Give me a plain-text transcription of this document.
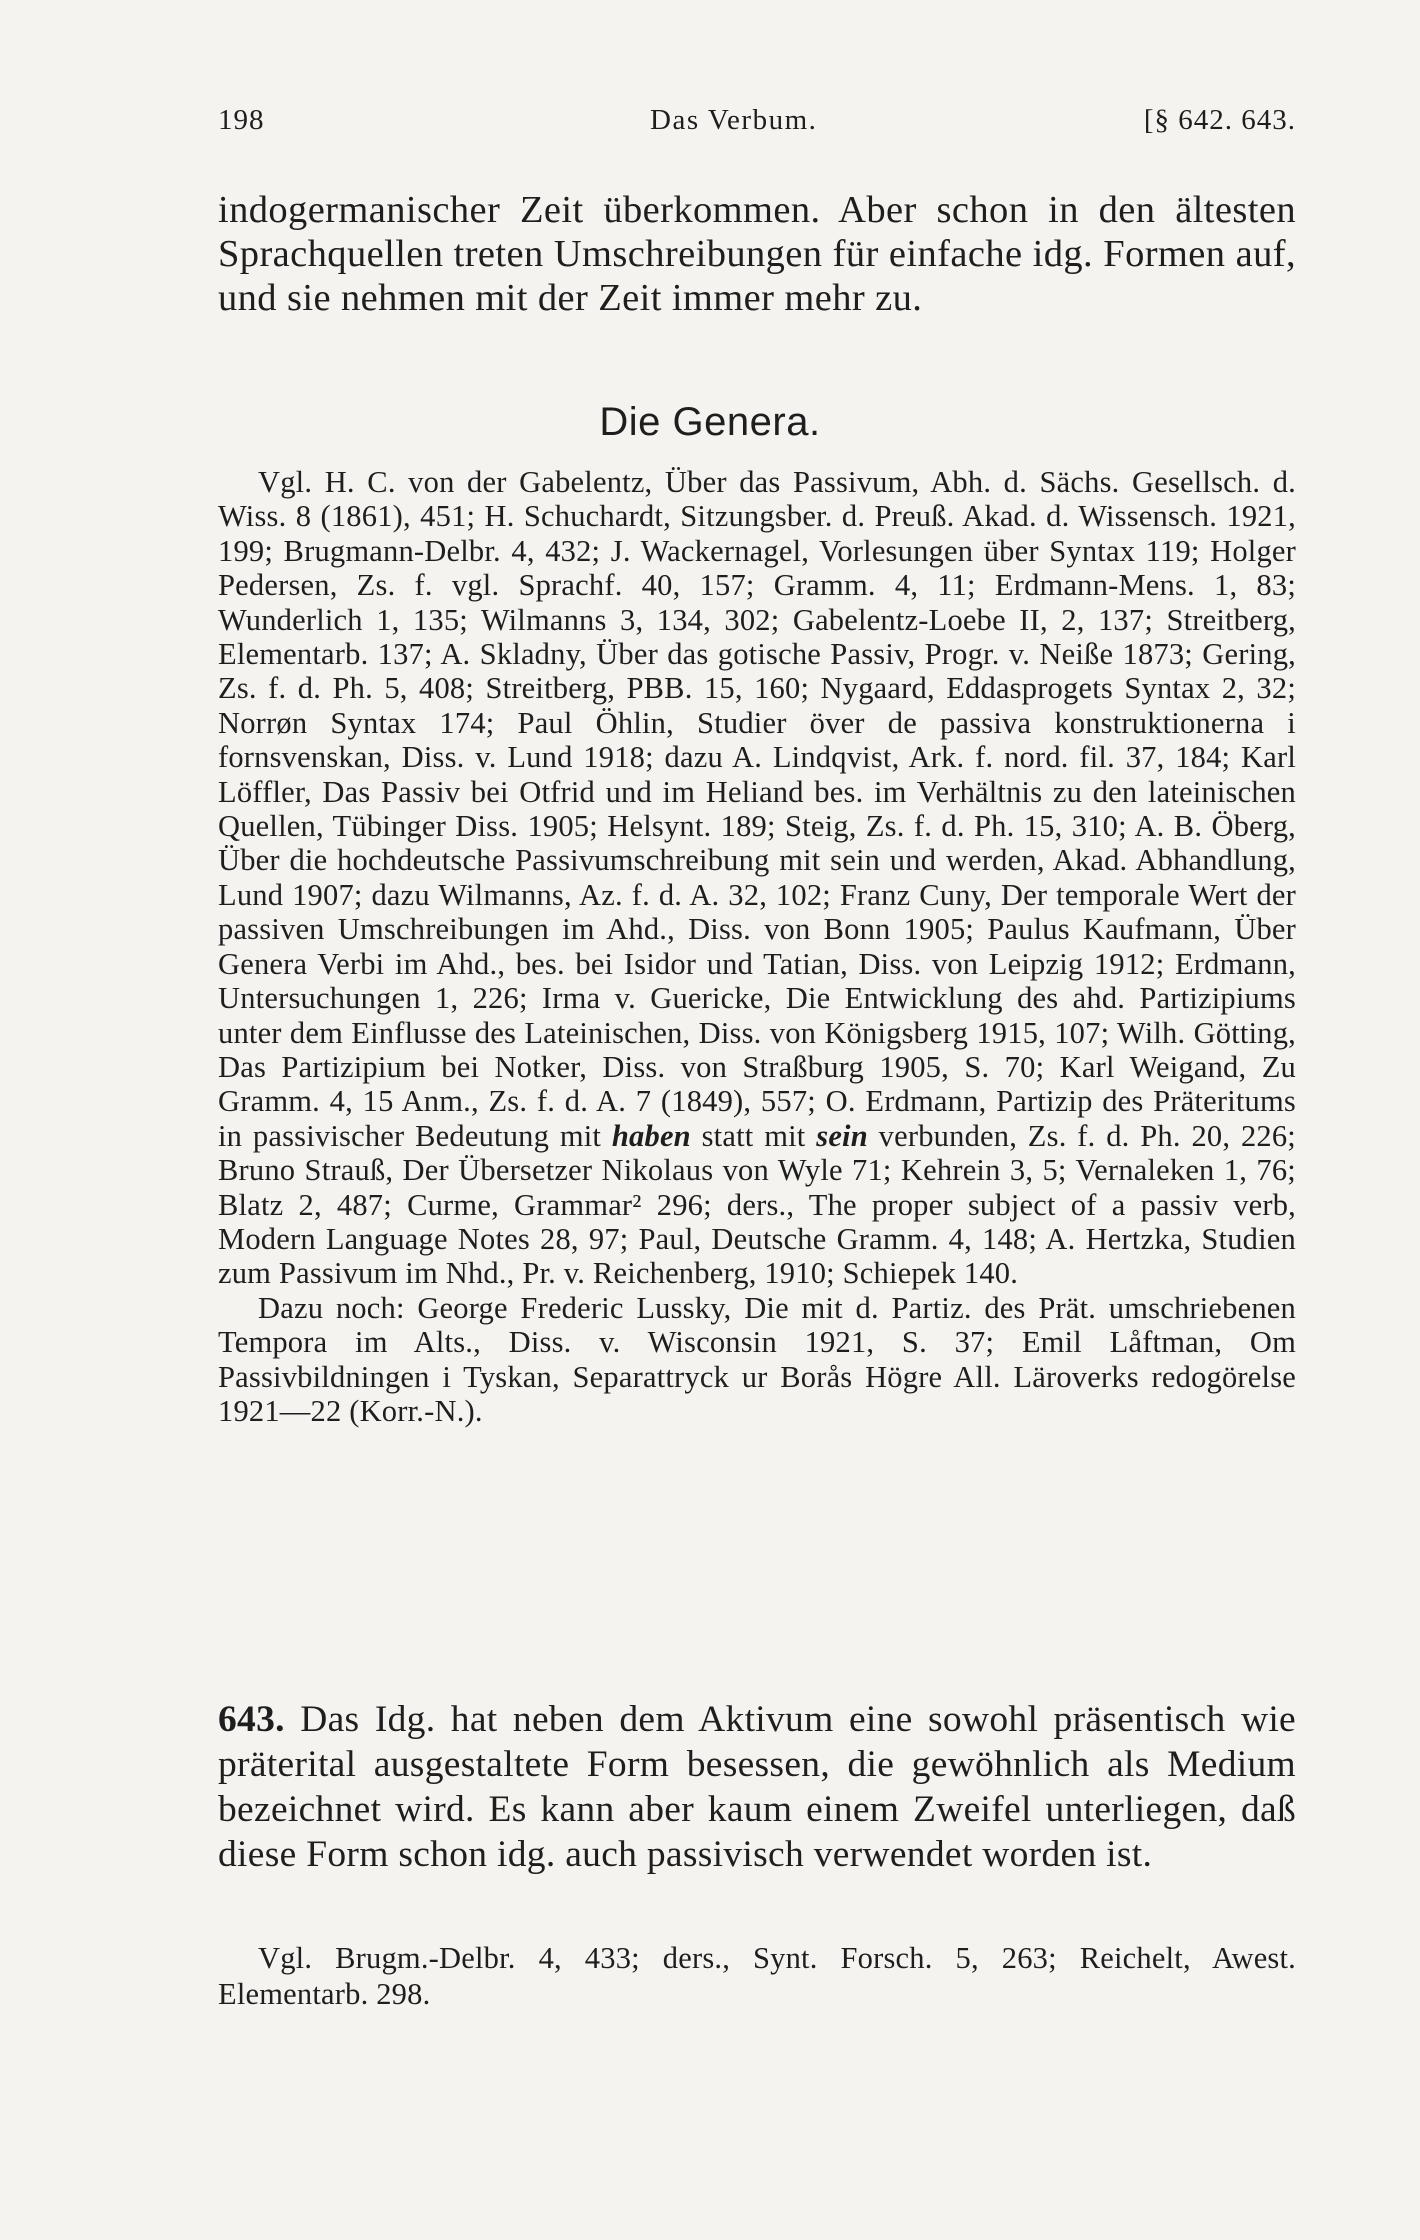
198	Das Verbum.	[§ 642. 643.
indogermanischer Zeit überkommen. Aber schon in den ältesten Sprachquellen treten Umschreibungen für einfache idg. Formen auf, und sie nehmen mit der Zeit immer mehr zu.
Die Genera.

Vgl. H. C. von der Gabelentz, Über das Passivum, Abh. d. Sächs. Gesellsch. d. Wiss. 8 (1861), 451; H. Schuchardt, Sitzungsber. d. Preuß. Akad. d. Wissensch. 1921, 199; Brugmann-Delbr. 4, 432; J. Wackernagel, Vorlesungen über Syntax 119; Holger Pedersen, Zs. f. vgl. Sprachf. 40, 157; Gramm. 4, 11; Erdmann-Mens. 1, 83; Wunderlich 1, 135; Wilmanns 3, 134, 302; Gabelentz-Loebe II, 2, 137; Streitberg, Elementarb. 137; A. Skladny, Über das gotische Passiv, Progr. v. Neiße 1873; Gering, Zs. f. d. Ph. 5, 408; Streitberg, PBB. 15, 160; Nygaard, Eddasprogets Syntax 2, 32; Norrøn Syntax 174; Paul Öhlin, Studier över de passiva konstruktionerna i fornsvenskan, Diss. v. Lund 1918; dazu A. Lindqvist, Ark. f. nord. fil. 37, 184; Karl Löffler, Das Passiv bei Otfrid und im Heliand bes. im Verhältnis zu den lateinischen Quellen, Tübinger Diss. 1905; Helsynt. 189; Steig, Zs. f. d. Ph. 15, 310; A. B. Öberg, Über die hochdeutsche Passivumschreibung mit sein und werden, Akad. Abhandlung, Lund 1907; dazu Wilmanns, Az. f. d. A. 32, 102; Franz Cuny, Der temporale Wert der passiven Umschreibungen im Ahd., Diss. von Bonn 1905; Paulus Kaufmann, Über Genera Verbi im Ahd., bes. bei Isidor und Tatian, Diss. von Leipzig 1912; Erdmann, Untersuchungen 1, 226; Irma v. Guericke, Die Entwicklung des ahd. Partizipiums unter dem Einflusse des Lateinischen, Diss. von Königsberg 1915, 107; Wilh. Götting, Das Partizipium bei Notker, Diss. von Straßburg 1905, S. 70; Karl Weigand, Zu Gramm. 4, 15 Anm., Zs. f. d. A. 7 (1849), 557; O. Erdmann, Partizip des Präteritums in passivischer Bedeutung mit haben statt mit sein verbunden, Zs. f. d. Ph. 20, 226; Bruno Strauß, Der Übersetzer Nikolaus von Wyle 71; Kehrein 3, 5; Vernaleken 1, 76; Blatz 2, 487; Curme, Grammar² 296; ders., The proper subject of a passiv verb, Modern Language Notes 28, 97; Paul, Deutsche Gramm. 4, 148; A. Hertzka, Studien zum Passivum im Nhd., Pr. v. Reichenberg, 1910; Schiepek 140.

Dazu noch: George Frederic Lussky, Die mit d. Partiz. des Prät. umschriebenen Tempora im Alts., Diss. v. Wisconsin 1921, S. 37; Emil Låftman, Om Passivbildningen i Tyskan, Separattryck ur Borås Högre All. Läroverks redogörelse 1921—22 (Korr.-N.).

643. Das Idg. hat neben dem Aktivum eine sowohl präsentisch wie präterital ausgestaltete Form besessen, die gewöhnlich als Medium bezeichnet wird. Es kann aber kaum einem Zweifel unterliegen, daß diese Form schon idg. auch passivisch verwendet worden ist.
Vgl. Brugm.-Delbr. 4, 433; ders., Synt. Forsch. 5, 263; Reichelt, Awest. Elementarb. 298.
